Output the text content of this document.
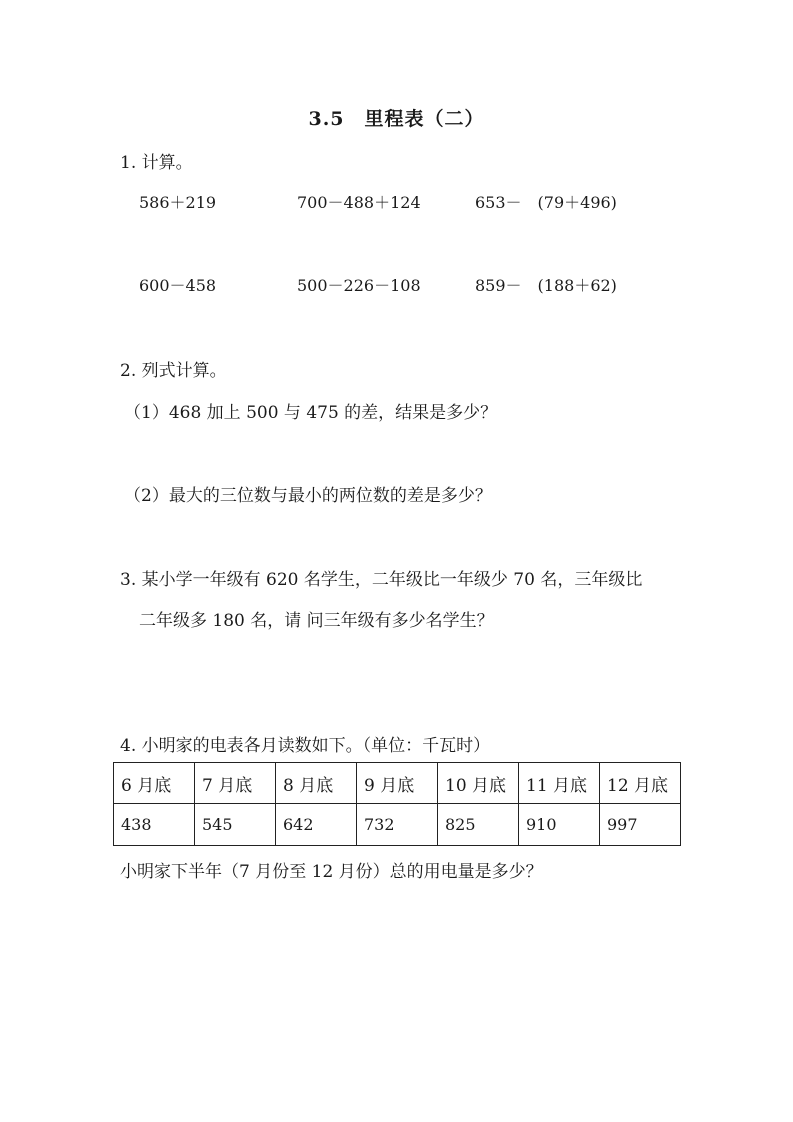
3.5　里程表（二）
1. 计算。
586＋219	700－488＋124	653－　(79＋496)
600－458	500－226－108	859－　(188＋62)
2. 列式计算。
（1）468 加上 500 与 475 的差，结果是多少？
（2）最大的三位数与最小的两位数的差是多少？
3. 某小学一年级有 620 名学生，二年级比一年级少 70 名，三年级比
二年级多 180 名，请 问三年级有多少名学生？
4. 小明家的电表各月读数如下。（单位：千瓦时）
6 月底	7 月底	8 月底	9 月底	10 月底	11 月底	12 月底
438	545	642	732	825	910	997
小明家下半年（7 月份至 12 月份）总的用电量是多少？
